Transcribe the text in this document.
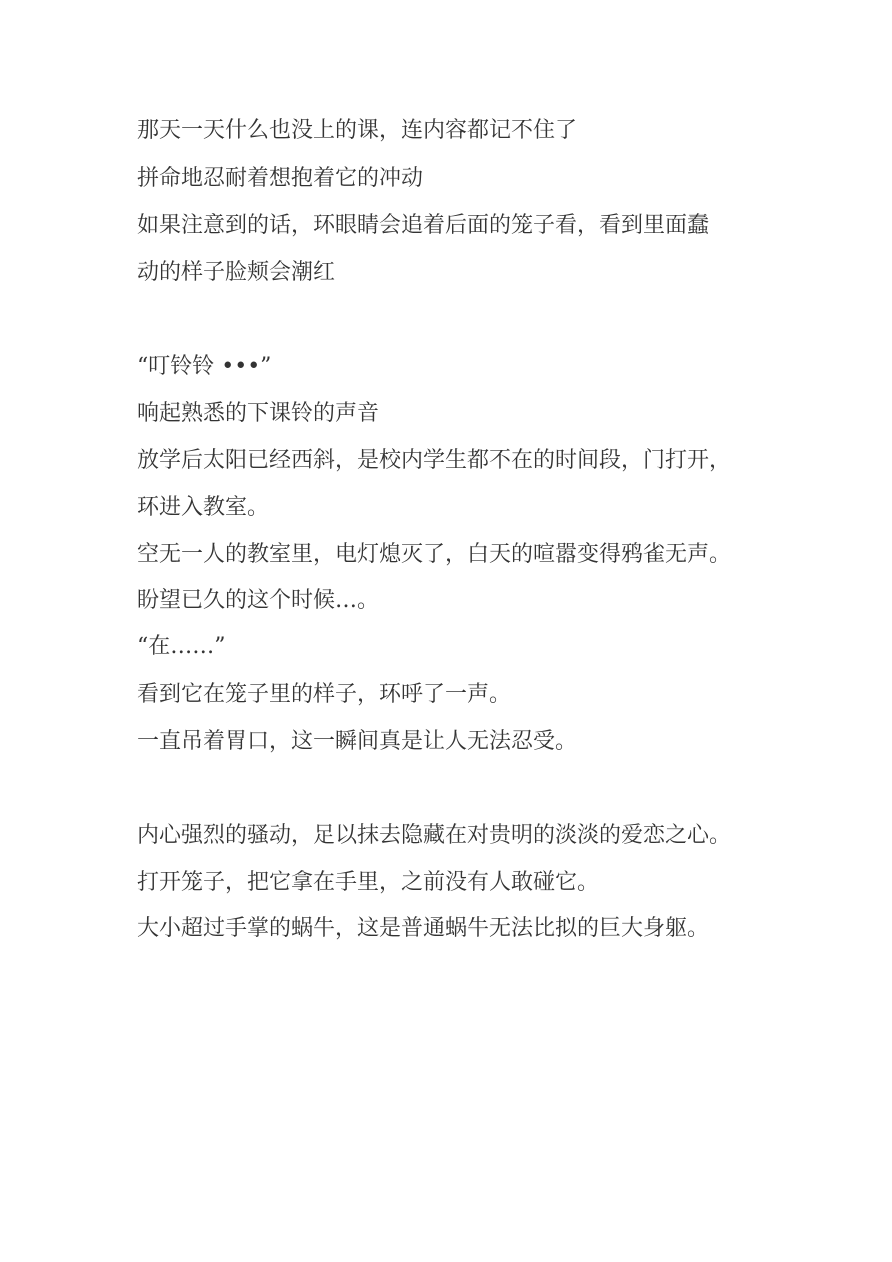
那天一天什么也没上的课，连内容都记不住了
拼命地忍耐着想抱着它的冲动
如果注意到的话，环眼睛会追着后面的笼子看，看到里面蠢
动的样子脸颊会潮红
“叮铃铃 •••”
响起熟悉的下课铃的声音
放学后太阳已经西斜，是校内学生都不在的时间段，门打开，
环进入教室。
空无一人的教室里，电灯熄灭了，白天的喧嚣变得鸦雀无声。
盼望已久的这个时候…。
“在……”
看到它在笼子里的样子，环呼了一声。
一直吊着胃口，这一瞬间真是让人无法忍受。
内心强烈的骚动，足以抹去隐藏在对贵明的淡淡的爱恋之心。
打开笼子，把它拿在手里，之前没有人敢碰它。
大小超过手掌的蜗牛，这是普通蜗牛无法比拟的巨大身躯。
